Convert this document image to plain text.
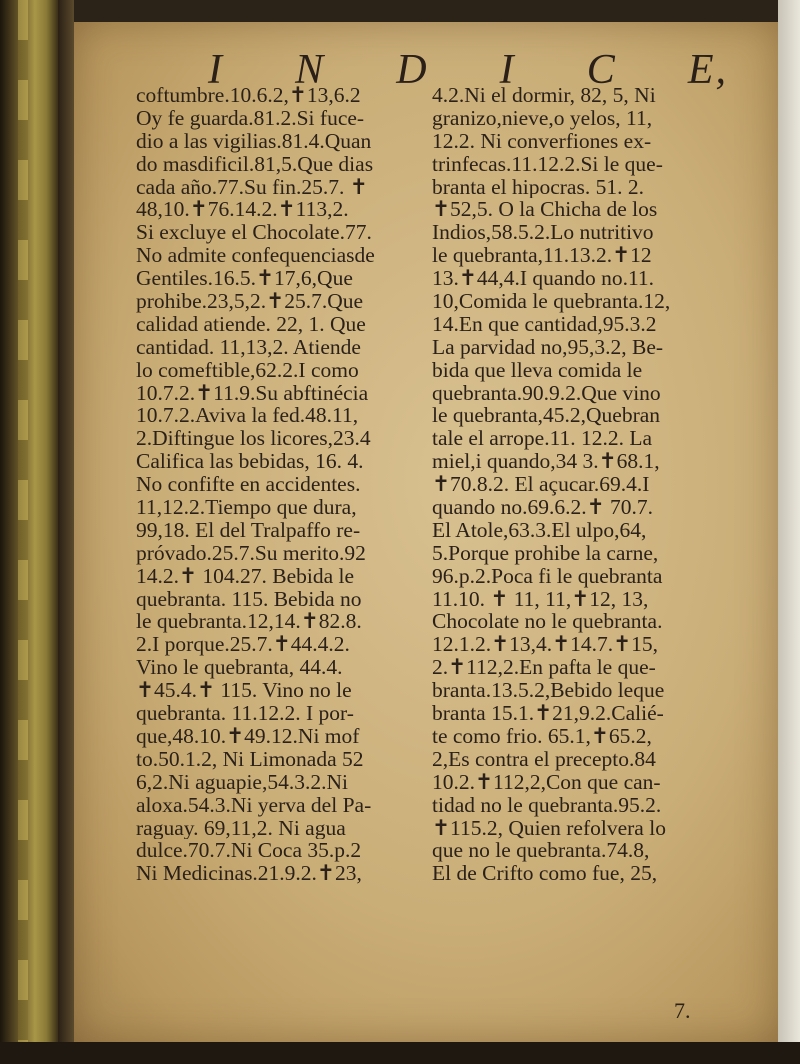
I N D I C E,
coftumbre.10.6.2,✝13,6.2
Oy fe guarda.81.2.Si fuce-
dio a las vigilias.81.4.Quan
do masdificil.81,5.Que dias
cada año.77.Su fin.25.7. ✝
48,10.✝76.14.2.✝113,2.
Si excluye el Chocolate.77.
No admite confequenciasde
Gentiles.16.5.✝17,6,Que
prohibe.23,5,2.✝25.7.Que
calidad atiende. 22, 1. Que
cantidad. 11,13,2. Atiende
lo comeftible,62.2.I como
10.7.2.✝11.9.Su abftinécia
10.7.2.Aviva la fed.48.11,
2.Diftingue los licores,23.4
Califica las bebidas, 16. 4.
No confifte en accidentes.
11,12.2.Tiempo que dura,
99,18. El del Tralpaffo re-
próvado.25.7.Su merito.92
14.2.✝ 104.27. Bebida le
quebranta. 115. Bebida no
le quebranta.12,14.✝82.8.
2.I porque.25.7.✝44.4.2.
Vino le quebranta, 44.4.
✝45.4.✝ 115. Vino no le
quebranta. 11.12.2. I por-
que,48.10.✝49.12.Ni mof
to.50.1.2, Ni Limonada 52
6,2.Ni aguapie,54.3.2.Ni
aloxa.54.3.Ni yerva del Pa-
raguay. 69,11,2. Ni agua
dulce.70.7.Ni Coca 35.p.2
Ni Medicinas.21.9.2.✝23,
4.2.Ni el dormir, 82, 5, Ni
granizo,nieve,o yelos, 11,
12.2. Ni converfiones ex-
trinfecas.11.12.2.Si le que-
branta el hipocras. 51. 2.
✝52,5. O la Chicha de los
Indios,58.5.2.Lo nutritivo
le quebranta,11.13.2.✝12
13.✝44,4.I quando no.11.
10,Comida le quebranta.12,
14.En que cantidad,95.3.2
La parvidad no,95,3.2, Be-
bida que lleva comida le
quebranta.90.9.2.Que vino
le quebranta,45.2,Quebran
tale el arrope.11. 12.2. La
miel,i quando,34 3.✝68.1,
✝70.8.2. El açucar.69.4.I
quando no.69.6.2.✝ 70.7.
El Atole,63.3.El ulpo,64,
5.Porque prohibe la carne,
96.p.2.Poca fi le quebranta
11.10. ✝ 11, 11,✝12, 13,
Chocolate no le quebranta.
12.1.2.✝13,4.✝14.7.✝15,
2.✝112,2.En pafta le que-
branta.13.5.2,Bebido leque
branta 15.1.✝21,9.2.Calié-
te como frio. 65.1,✝65.2,
2,Es contra el precepto.84
10.2.✝112,2,Con que can-
tidad no le quebranta.95.2.
✝115.2, Quien refolvera lo
que no le quebranta.74.8,
El de Crifto como fue, 25,
7.
